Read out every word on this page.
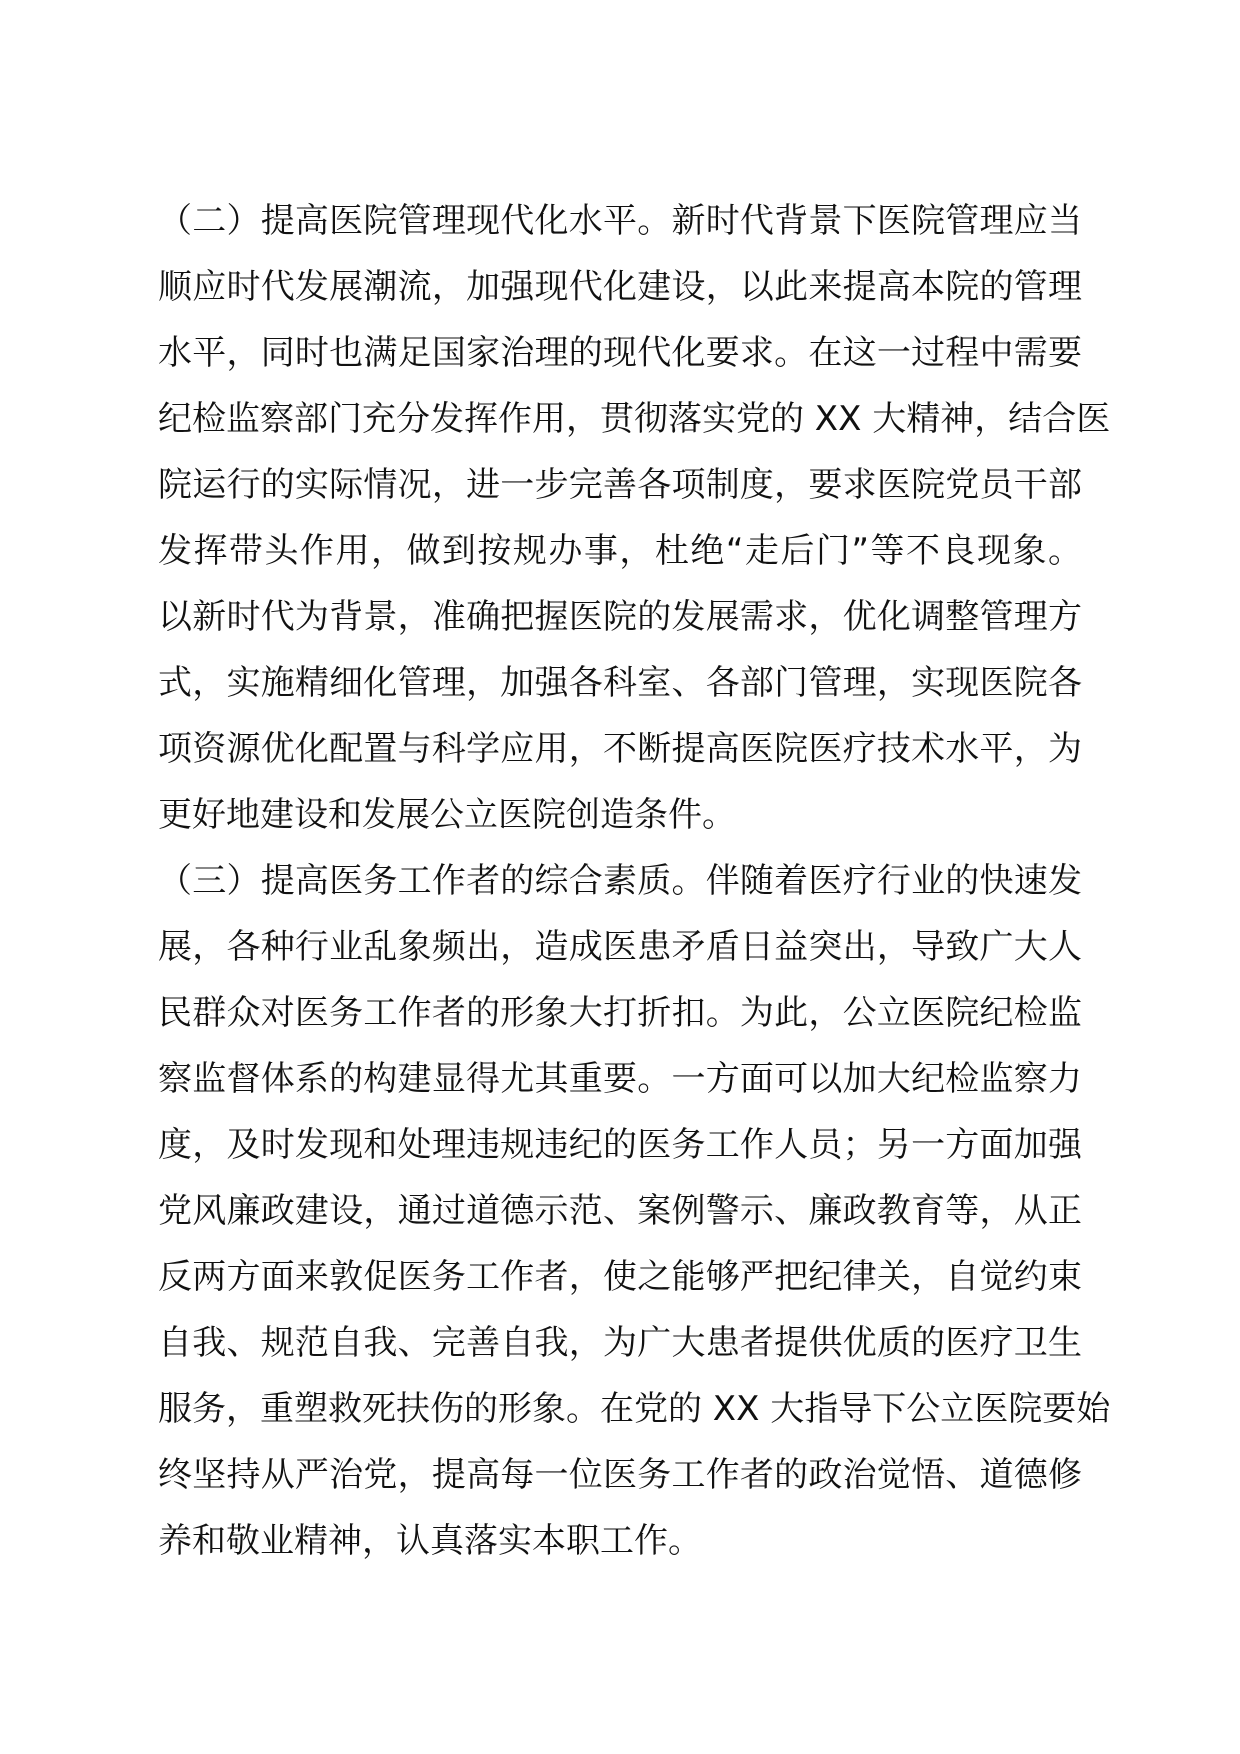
（二）提高医院管理现代化水平。新时代背景下医院管理应当
顺应时代发展潮流，加强现代化建设，以此来提高本院的管理
水平，同时也满足国家治理的现代化要求。在这一过程中需要
纪检监察部门充分发挥作用，贯彻落实党的 XX 大精神，结合医
院运行的实际情况，进一步完善各项制度，要求医院党员干部
发挥带头作用，做到按规办事，杜绝“走后门”等不良现象。
以新时代为背景，准确把握医院的发展需求，优化调整管理方
式，实施精细化管理，加强各科室、各部门管理，实现医院各
项资源优化配置与科学应用，不断提高医院医疗技术水平，为
更好地建设和发展公立医院创造条件。
（三）提高医务工作者的综合素质。伴随着医疗行业的快速发
展，各种行业乱象频出，造成医患矛盾日益突出，导致广大人
民群众对医务工作者的形象大打折扣。为此，公立医院纪检监
察监督体系的构建显得尤其重要。一方面可以加大纪检监察力
度，及时发现和处理违规违纪的医务工作人员；另一方面加强
党风廉政建设，通过道德示范、案例警示、廉政教育等，从正
反两方面来敦促医务工作者，使之能够严把纪律关，自觉约束
自我、规范自我、完善自我，为广大患者提供优质的医疗卫生
服务，重塑救死扶伤的形象。在党的 XX 大指导下公立医院要始
终坚持从严治党，提高每一位医务工作者的政治觉悟、道德修
养和敬业精神，认真落实本职工作。
